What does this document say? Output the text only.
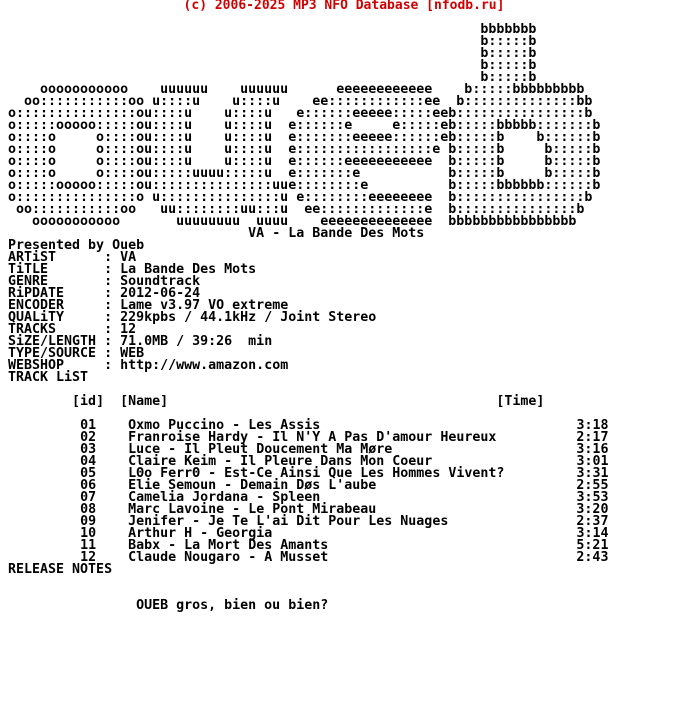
(c) 2006-2025 MP3 NFO Database [nfodb.ru]
bbbbbbb
b:::::b
b:::::b
b:::::b
b:::::b
ooooooooooo    uuuuuu    uuuuuu      eeeeeeeeeeee    b:::::bbbbbbbbb
oo:::::::::::oo u::::u    u::::u    ee::::::::::::ee  b::::::::::::::bb
o:::::::::::::::ou::::u    u::::u   e::::::eeeee:::::eeb::::::::::::::::b
o:::::ooooo:::::ou::::u    u::::u  e::::::e     e:::::eb:::::bbbbb:::::::b
o::::o     o::::ou::::u    u::::u  e:::::::eeeee::::::eb:::::b    b::::::b
o::::o     o::::ou::::u    u::::u  e:::::::::::::::::e b:::::b     b:::::b
o::::o     o::::ou::::u    u::::u  e::::::eeeeeeeeeee  b:::::b     b:::::b
o::::o     o::::ou:::::uuuu:::::u  e:::::::e           b:::::b     b:::::b
o:::::ooooo:::::ou:::::::::::::::uue::::::::e          b:::::bbbbbb::::::b
o:::::::::::::::o u:::::::::::::::u e::::::::eeeeeeee  b::::::::::::::::b
oo:::::::::::oo   uu::::::::uu:::u  ee:::::::::::::e  b:::::::::::::::b
ooooooooooo       uuuuuuuu  uuuu    eeeeeeeeeeeeee  bbbbbbbbbbbbbbbb
VA - La Bande Des Mots
Presented by Oueb

ARTiST      : VA
TiTLE       : La Bande Des Mots
GENRE       : Soundtrack
RiPDATE     : 2012-06-24
ENCODER     : Lame v3.97 VO extreme
QUALiTY     : 229kpbs / 44.1kHz / Joint Stereo
TRACKS      : 12
SiZE/LENGTH : 71.0MB / 39:26  min
TYPE/SOURCE : WEB
WEBSHOP     : http://www.amazon.com

TRACK LiST

[id] [Name]	[Time]

01 Oxmo Puccino - Les Assis	3:18
02 Franroise Hardy - Il N'Y A Pas D'amour Heureux	2:17
03 Luce - Il Pleut Doucement Ma Møre	3:16
04 Claire Keim - Il Pleure Dans Mon Coeur	3:01
05 LΘo FerrΘ - Est-Ce Ainsi Que Les Hommes Vivent?	3:31
06 Elie Semoun - Demain Døs L'aube	2:55
07 Camelia Jordana - Spleen	3:53
08 Marc Lavoine - Le Pont Mirabeau	3:20
09 Jenifer - Je Te L'ai Dit Pour Les Nuages	2:37
10 Arthur H - Georgia	3:14
11 Babx - La Mort Des Amants	5:21
12 Claude Nougaro - A Musset	2:43

RELEASE NOTES

OUEB gros, bien ou bien?
